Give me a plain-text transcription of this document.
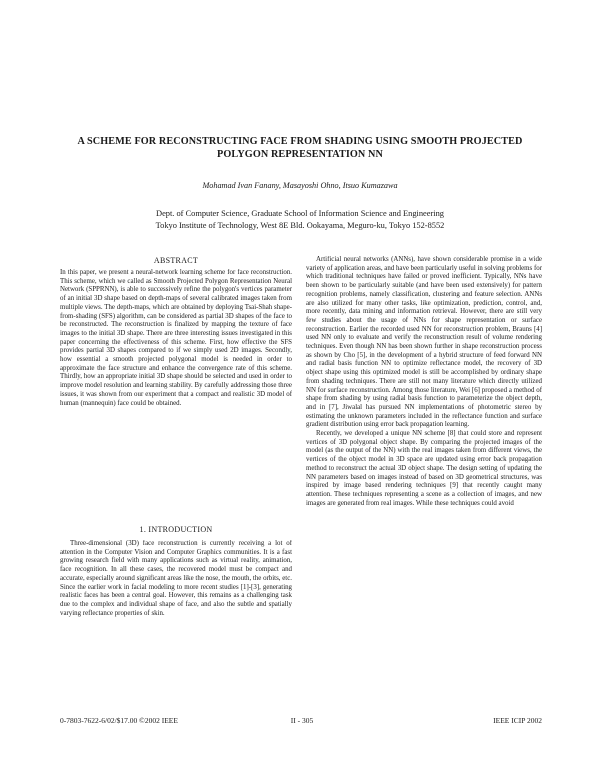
A SCHEME FOR RECONSTRUCTING FACE FROM SHADING USING SMOOTH PROJECTED POLYGON REPRESENTATION NN
Mohamad Ivan Fanany, Masayoshi Ohno, Itsuo Kumazawa
Dept. of Computer Science, Graduate School of Information Science and Engineering
Tokyo Institute of Technology, West 8E Bld. Ookayama, Meguro-ku, Tokyo 152-8552
ABSTRACT

In this paper, we present a neural-network learning scheme for face reconstruction. This scheme, which we called as Smooth Projected Polygon Representation Neural Network (SPPRNN), is able to successively refine the polygon's vertices parameter of an initial 3D shape based on depth-maps of several calibrated images taken from multiple views. The depth-maps, which are obtained by deploying Tsai-Shah shape-from-shading (SFS) algorithm, can be considered as partial 3D shapes of the face to be reconstructed. The reconstruction is finalized by mapping the texture of face images to the initial 3D shape. There are three interesting issues investigated in this paper concerning the effectiveness of this scheme. First, how effective the SFS provides partial 3D shapes compared to if we simply used 2D images. Secondly, how essential a smooth projected polygonal model is needed in order to approximate the face structure and enhance the convergence rate of this scheme. Thirdly, how an appropriate initial 3D shape should be selected and used in order to improve model resolution and learning stability. By carefully addressing those three issues, it was shown from our experiment that a compact and realistic 3D model of human (mannequin) face could be obtained.

1. INTRODUCTION

Three-dimensional (3D) face reconstruction is currently receiving a lot of attention in the Computer Vision and Computer Graphics communities. It is a fast growing research field with many applications such as virtual reality, animation, face recognition. In all these cases, the recovered model must be compact and accurate, especially around significant areas like the nose, the mouth, the orbits, etc. Since the earlier work in facial modeling to more recent studies [1]-[3], generating realistic faces has been a central goal. However, this remains as a challenging task due to the complex and individual shape of face, and also the subtle and spatially varying reflectance properties of skin.

Artificial neural networks (ANNs), have shown considerable promise in a wide variety of application areas, and have been particularly useful in solving problems for which traditional techniques have failed or proved inefficient. Typically, NNs have been shown to be particularly suitable (and have been used extensively) for pattern recognition problems, namely classification, clustering and feature selection. ANNs are also utilized for many other tasks, like optimization, prediction, control, and, more recently, data mining and information retrieval. However, there are still very few studies about the usage of NNs for shape representation or surface reconstruction. Earlier the recorded used NN for reconstruction problem, Brauns [4] used NN only to evaluate and verify the reconstruction result of volume rendering techniques. Even though NN has been shown further in shape reconstruction process as shown by Cho [5], in the development of a hybrid structure of feed forward NN and radial basis function NN to optimize reflectance model, the recovery of 3D object shape using this optimized model is still be accomplished by ordinary shape from shading techniques. There are still not many literature which directly utilized NN for surface reconstruction. Among those literature, Wei [6] proposed a method of shape from shading by using radial basis function to parameterize the object depth, and in [7], Jiwalal has pursued NN implementations of photometric stereo by estimating the unknown parameters included in the reflectance function and surface gradient distribution using error back propagation learning.

Recently, we developed a unique NN scheme [8] that could store and represent vertices of 3D polygonal object shape. By comparing the projected images of the model (as the output of the NN) with the real images taken from different views, the vertices of the object model in 3D space are updated using error back propagation method to reconstruct the actual 3D object shape. The design setting of updating the NN parameters based on images instead of based on 3D geometrical structures, was inspired by image based rendering techniques [9] that recently caught many attention. These techniques representing a scene as a collection of images, and new images are generated from real images. While these techniques could avoid

0-7803-7622-6/02/$17.00 ©2002 IEEE	II - 305	IEEE ICIP 2002
